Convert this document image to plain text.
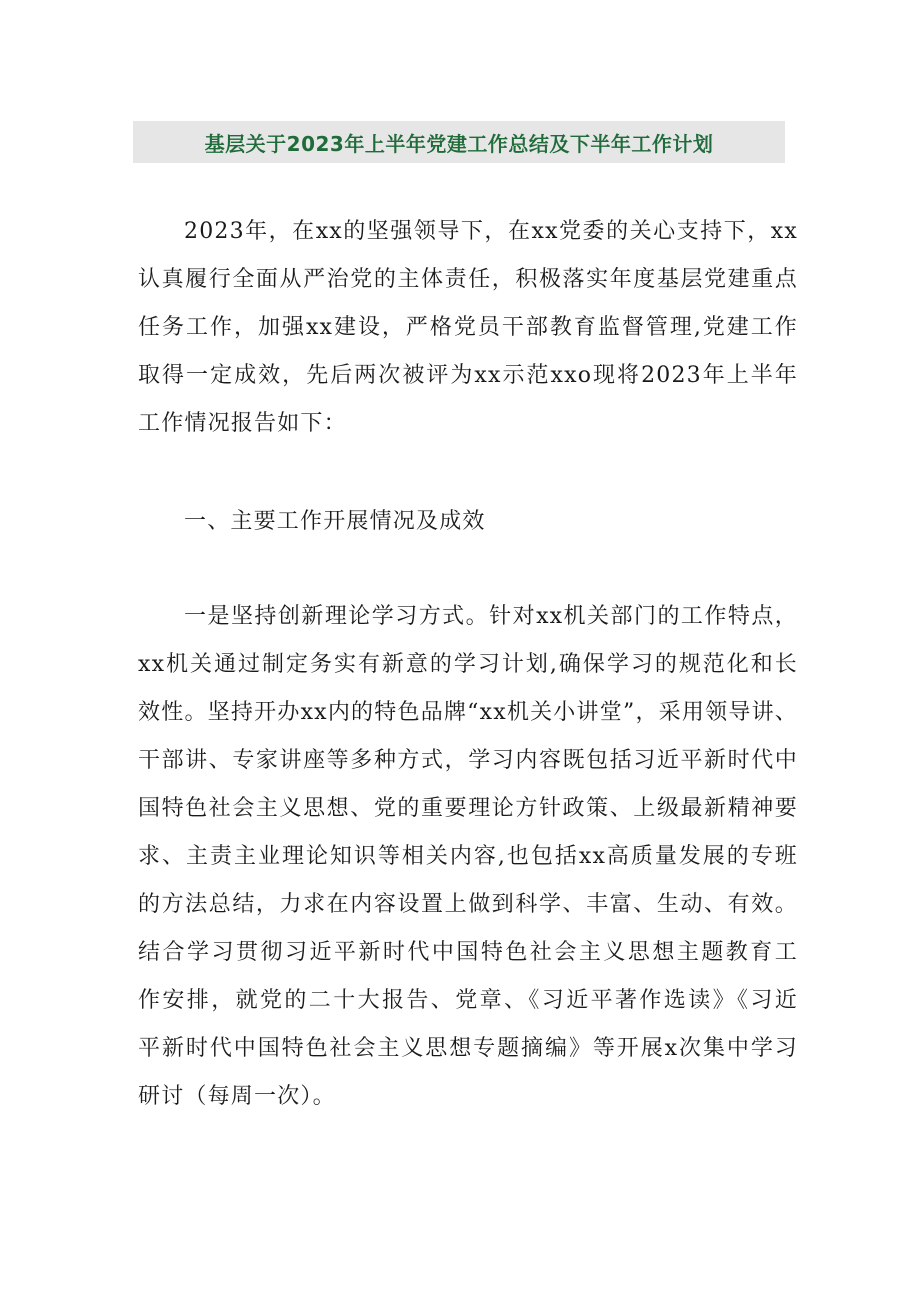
基层关于2023年上半年党建工作总结及下半年工作计划
2023年，在xx的坚强领导下，在xx党委的关心支持下，xx
认真履行全面从严治党的主体责任，积极落实年度基层党建重点
任务工作，加强xx建设，严格党员干部教育监督管理,党建工作
取得一定成效，先后两次被评为xx示范xxo现将2023年上半年
工作情况报告如下：
一、主要工作开展情况及成效
一是坚持创新理论学习方式。针对xx机关部门的工作特点，
xx机关通过制定务实有新意的学习计划,确保学习的规范化和长
效性。坚持开办xx内的特色品牌“xx机关小讲堂”，采用领导讲、
干部讲、专家讲座等多种方式，学习内容既包括习近平新时代中
国特色社会主义思想、党的重要理论方针政策、上级最新精神要
求、主责主业理论知识等相关内容,也包括xx高质量发展的专班
的方法总结，力求在内容设置上做到科学、丰富、生动、有效。
结合学习贯彻习近平新时代中国特色社会主义思想主题教育工
作安排，就党的二十大报告、党章、《习近平著作选读》《习近
平新时代中国特色社会主义思想专题摘编》等开展x次集中学习
研讨（每周一次）。
